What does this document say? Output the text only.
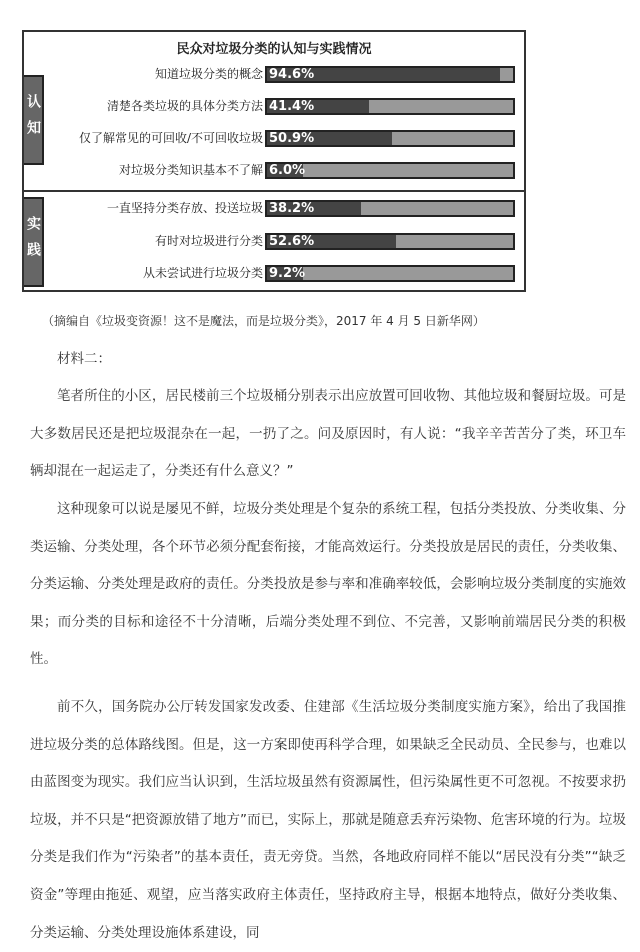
民众对垃圾分类的认知与实践情况
认知
实践
知道垃圾分类的概念 94.6%
清楚各类垃圾的具体分类方法 41.4%
仅了解常见的可回收/不可回收垃圾 50.9%
对垃圾分类知识基本不了解 6.0%
一直坚持分类存放、投送垃圾 38.2%
有时对垃圾进行分类 52.6%
从未尝试进行垃圾分类 9.2%

（摘编自《垃圾变资源！这不是魔法，而是垃圾分类》，2017 年 4 月 5 日新华网）

材料二：

笔者所住的小区，居民楼前三个垃圾桶分别表示出应放置可回收物、其他垃圾和餐厨垃圾。可是大多数居民还是把垃圾混杂在一起，一扔了之。问及原因时，有人说：“我辛辛苦苦分了类，环卫车辆却混在一起运走了，分类还有什么意义？”

这种现象可以说是屡见不鲜，垃圾分类处理是个复杂的系统工程，包括分类投放、分类收集、分类运输、分类处理，各个环节必须分配套衔接，才能高效运行。分类投放是居民的责任，分类收集、分类运输、分类处理是政府的责任。分类投放是参与率和准确率较低，会影响垃圾分类制度的实施效果；而分类的目标和途径不十分清晰，后端分类处理不到位、不完善，又影响前端居民分类的积极性。

前不久，国务院办公厅转发国家发改委、住建部《生活垃圾分类制度实施方案》，给出了我国推进垃圾分类的总体路线图。但是，这一方案即使再科学合理，如果缺乏全民动员、全民参与，也难以由蓝图变为现实。我们应当认识到，生活垃圾虽然有资源属性，但污染属性更不可忽视。不按要求扔垃圾，并不只是“把资源放错了地方”而已，实际上，那就是随意丢弃污染物、危害环境的行为。垃圾分类是我们作为“污染者”的基本责任，责无旁贷。当然，各地政府同样不能以“居民没有分类”“缺乏资金”等理由拖延、观望，应当落实政府主体责任，坚持政府主导，根据本地特点，做好分类收集、分类运输、分类处理设施体系建设，同
